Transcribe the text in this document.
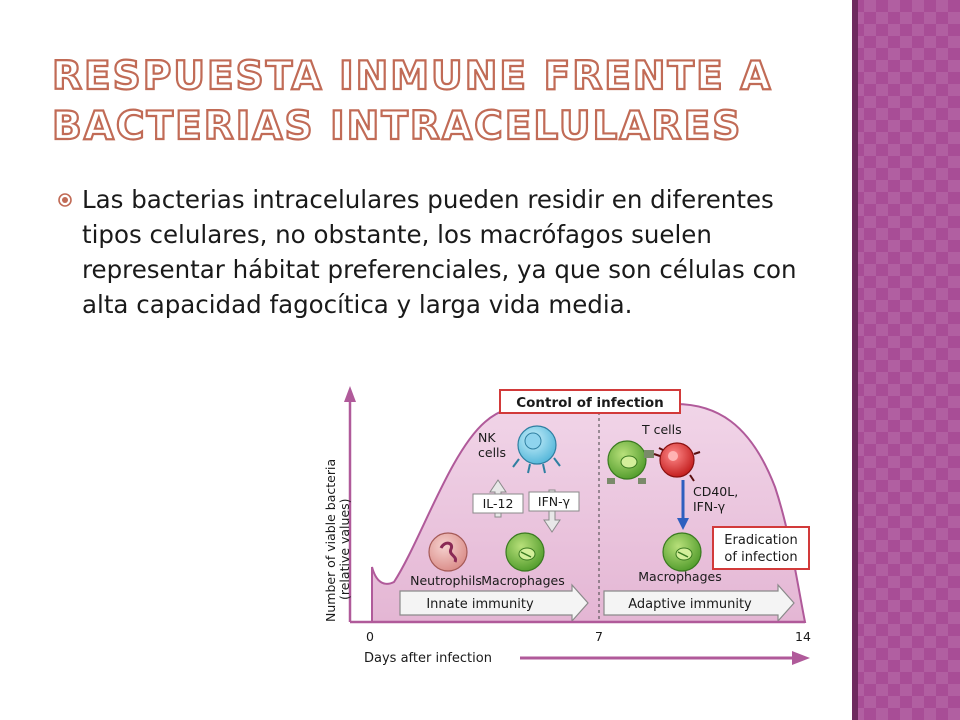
RESPUESTA INMUNE FRENTE A
BACTERIAS INTRACELULARES

Las bacterias intracelulares pueden residir en diferentes tipos celulares, no obstante, los macrófagos suelen representar hábitat preferenciales, ya que son células con alta capacidad fagocítica y larga vida media.

Number of viable bacteria (relative values)
Control of infection
NK
cells
IL-12 IFN-γ
Neutrophils Macrophages
T cells
CD40L,
IFN-γ
Macrophages
Eradication
of infection
Innate immunity	Adaptive immunity
0	7	14
Days after infection
